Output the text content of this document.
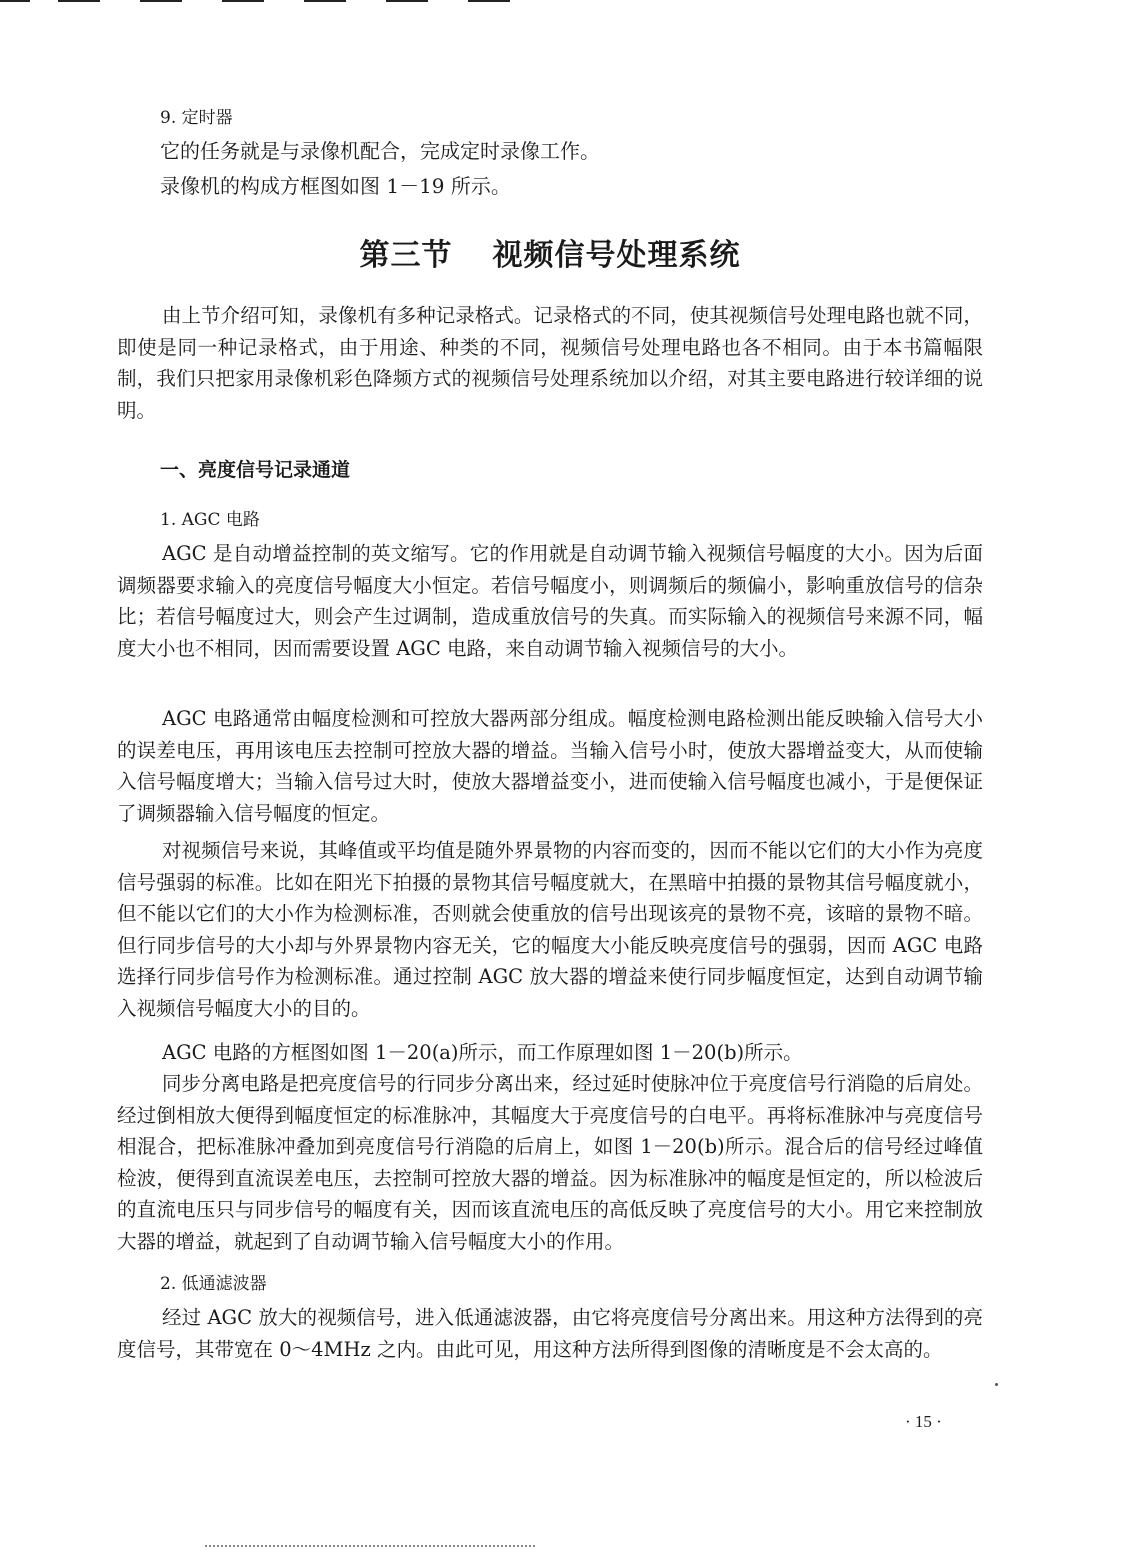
9. 定时器
它的任务就是与录像机配合，完成定时录像工作。
录像机的构成方框图如图 1－19 所示。
第三节 视频信号处理系统

由上节介绍可知，录像机有多种记录格式。记录格式的不同，使其视频信号处理电路也就不同，即使是同一种记录格式，由于用途、种类的不同，视频信号处理电路也各不相同。由于本书篇幅限制，我们只把家用录像机彩色降频方式的视频信号处理系统加以介绍，对其主要电路进行较详细的说明。

一、亮度信号记录通道
1. AGC 电路

AGC 是自动增益控制的英文缩写。它的作用就是自动调节输入视频信号幅度的大小。因为后面调频器要求输入的亮度信号幅度大小恒定。若信号幅度小，则调频后的频偏小，影响重放信号的信杂比；若信号幅度过大，则会产生过调制，造成重放信号的失真。而实际输入的视频信号来源不同，幅度大小也不相同，因而需要设置 AGC 电路，来自动调节输入视频信号的大小。

AGC 电路通常由幅度检测和可控放大器两部分组成。幅度检测电路检测出能反映输入信号大小的误差电压，再用该电压去控制可控放大器的增益。当输入信号小时，使放大器增益变大，从而使输入信号幅度增大；当输入信号过大时，使放大器增益变小，进而使输入信号幅度也减小，于是便保证了调频器输入信号幅度的恒定。

对视频信号来说，其峰值或平均值是随外界景物的内容而变的，因而不能以它们的大小作为亮度信号强弱的标准。比如在阳光下拍摄的景物其信号幅度就大，在黑暗中拍摄的景物其信号幅度就小，但不能以它们的大小作为检测标准，否则就会使重放的信号出现该亮的景物不亮，该暗的景物不暗。但行同步信号的大小却与外界景物内容无关，它的幅度大小能反映亮度信号的强弱，因而 AGC 电路选择行同步信号作为检测标准。通过控制 AGC 放大器的增益来使行同步幅度恒定，达到自动调节输入视频信号幅度大小的目的。

AGC 电路的方框图如图 1－20(a)所示，而工作原理如图 1－20(b)所示。

同步分离电路是把亮度信号的行同步分离出来，经过延时使脉冲位于亮度信号行消隐的后肩处。经过倒相放大便得到幅度恒定的标准脉冲，其幅度大于亮度信号的白电平。再将标准脉冲与亮度信号相混合，把标准脉冲叠加到亮度信号行消隐的后肩上，如图 1－20(b)所示。混合后的信号经过峰值检波，便得到直流误差电压，去控制可控放大器的增益。因为标准脉冲的幅度是恒定的，所以检波后的直流电压只与同步信号的幅度有关，因而该直流电压的高低反映了亮度信号的大小。用它来控制放大器的增益，就起到了自动调节输入信号幅度大小的作用。

2. 低通滤波器

经过 AGC 放大的视频信号，进入低通滤波器，由它将亮度信号分离出来。用这种方法得到的亮度信号，其带宽在 0～4MHz 之内。由此可见，用这种方法所得到图像的清晰度是不会太高的。

· 15 ·
